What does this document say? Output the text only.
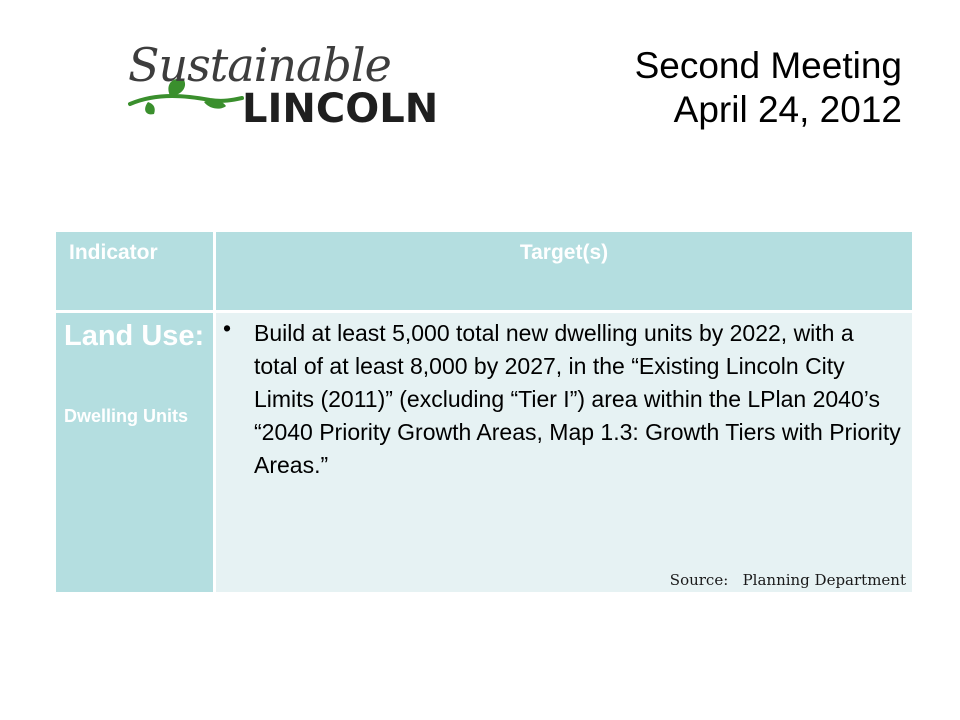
Sustainable
LINCOLN
Second Meeting
April 24, 2012
Indicator	Target(s)
Land Use:
Dwelling Units
• Build at least 5,000 total new dwelling units by 2022, with a total of at least 8,000 by 2027, in the “Existing Lincoln City Limits (2011)” (excluding “Tier I”) area within the LPlan 2040’s “2040 Priority Growth Areas, Map 1.3: Growth Tiers with Priority Areas.”
Source:   Planning Department
